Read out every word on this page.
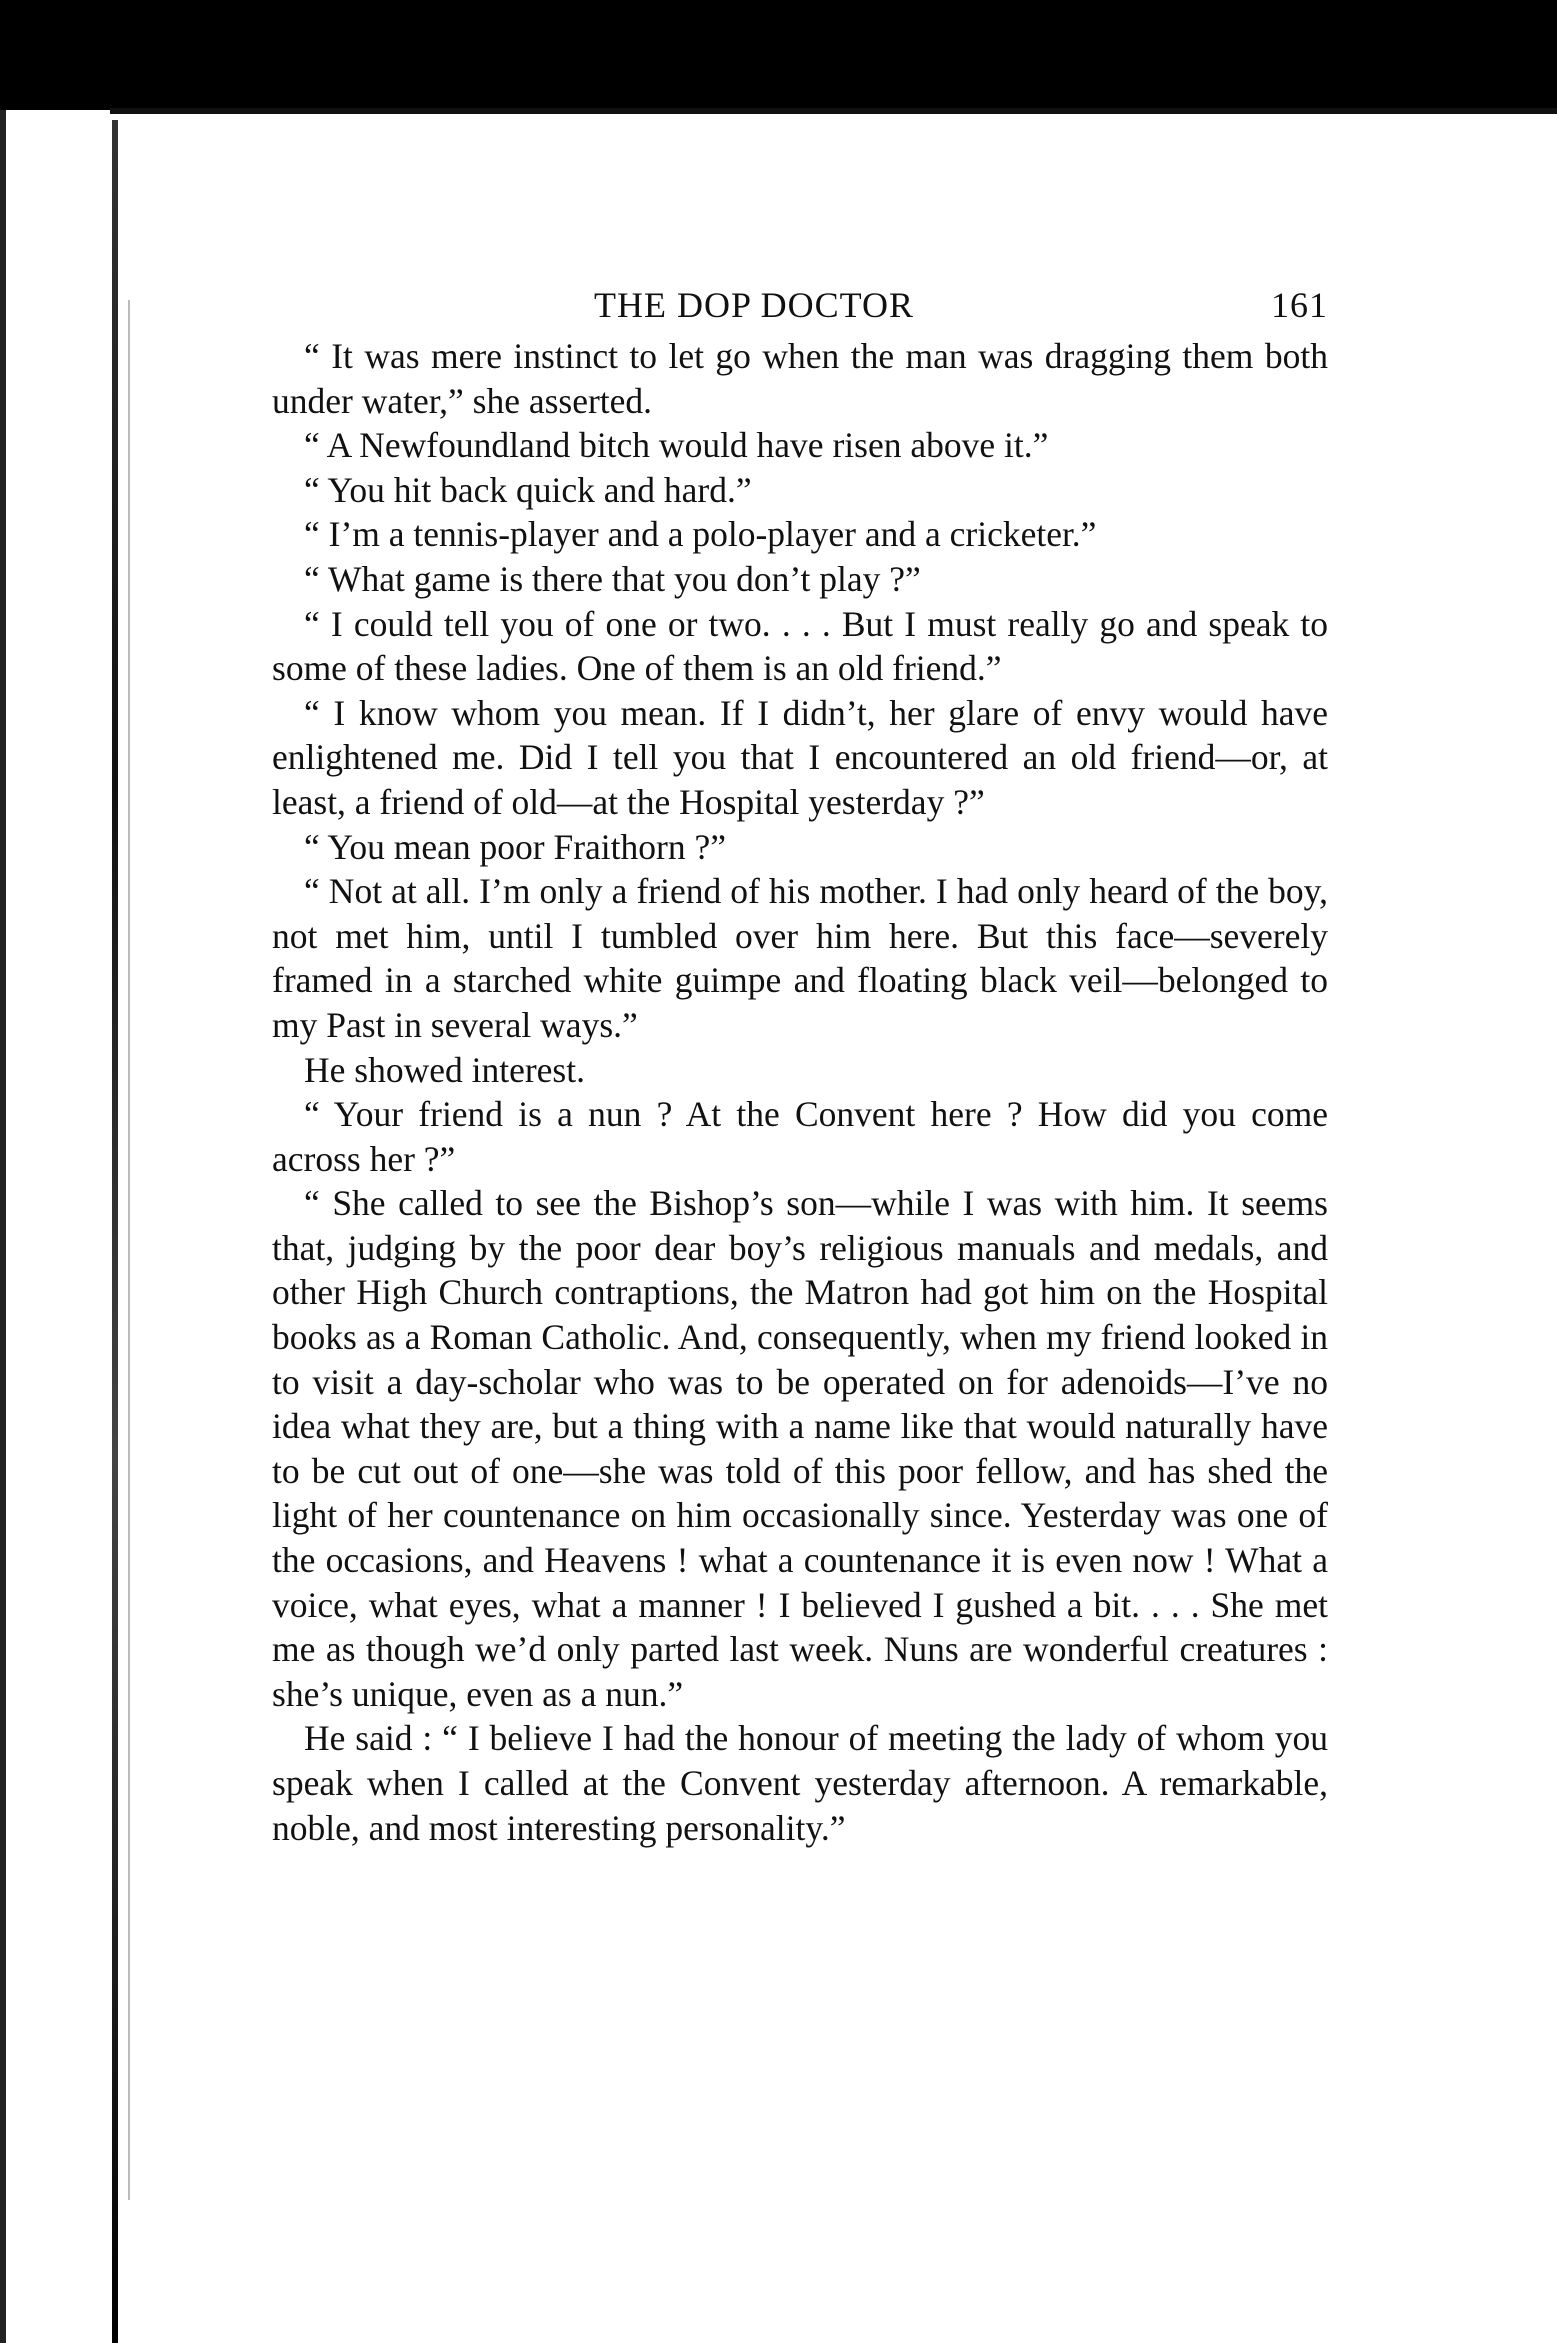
THE DOP DOCTOR	161

“ It was mere instinct to let go when the man was dragging them both under water,” she asserted.

“ A Newfoundland bitch would have risen above it.”

“ You hit back quick and hard.”

“ I’m a tennis-player and a polo-player and a cricketer.”

“ What game is there that you don’t play ?”

“ I could tell you of one or two. . . . But I must really go and speak to some of these ladies. One of them is an old friend.”

“ I know whom you mean. If I didn’t, her glare of envy would have enlightened me. Did I tell you that I encountered an old friend—or, at least, a friend of old—at the Hospital yesterday ?”

“ You mean poor Fraithorn ?”

“ Not at all. I’m only a friend of his mother. I had only heard of the boy, not met him, until I tumbled over him here. But this face—severely framed in a starched white guimpe and floating black veil—belonged to my Past in several ways.”

He showed interest.

“ Your friend is a nun ? At the Convent here ? How did you come across her ?”

“ She called to see the Bishop’s son—while I was with him. It seems that, judging by the poor dear boy’s religious manuals and medals, and other High Church contraptions, the Matron had got him on the Hospital books as a Roman Catholic. And, consequently, when my friend looked in to visit a day-scholar who was to be operated on for adenoids—I’ve no idea what they are, but a thing with a name like that would naturally have to be cut out of one—she was told of this poor fellow, and has shed the light of her countenance on him occasionally since. Yesterday was one of the occasions, and Heavens ! what a countenance it is even now ! What a voice, what eyes, what a manner ! I believed I gushed a bit. . . . She met me as though we’d only parted last week. Nuns are wonderful creatures : she’s unique, even as a nun.”

He said : “ I believe I had the honour of meeting the lady of whom you speak when I called at the Convent yesterday afternoon. A remarkable, noble, and most interesting personality.”
